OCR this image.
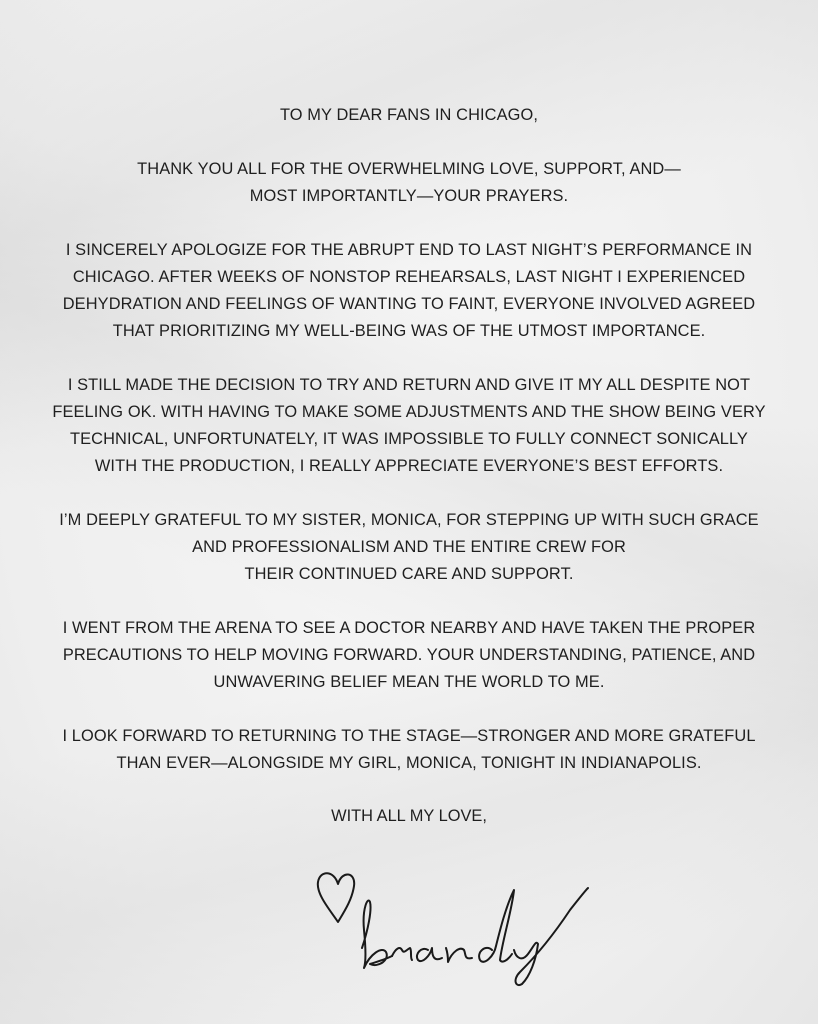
TO MY DEAR FANS IN CHICAGO,

THANK YOU ALL FOR THE OVERWHELMING LOVE, SUPPORT, AND—
MOST IMPORTANTLY—YOUR PRAYERS.

I SINCERELY APOLOGIZE FOR THE ABRUPT END TO LAST NIGHT’S PERFORMANCE IN
CHICAGO. AFTER WEEKS OF NONSTOP REHEARSALS, LAST NIGHT I EXPERIENCED
DEHYDRATION AND FEELINGS OF WANTING TO FAINT, EVERYONE INVOLVED AGREED
THAT PRIORITIZING MY WELL-BEING WAS OF THE UTMOST IMPORTANCE.

I STILL MADE THE DECISION TO TRY AND RETURN AND GIVE IT MY ALL DESPITE NOT
FEELING OK. WITH HAVING TO MAKE SOME ADJUSTMENTS AND THE SHOW BEING VERY
TECHNICAL, UNFORTUNATELY, IT WAS IMPOSSIBLE TO FULLY CONNECT SONICALLY
WITH THE PRODUCTION, I REALLY APPRECIATE EVERYONE’S BEST EFFORTS.

I’M DEEPLY GRATEFUL TO MY SISTER, MONICA, FOR STEPPING UP WITH SUCH GRACE
AND PROFESSIONALISM AND THE ENTIRE CREW FOR
THEIR CONTINUED CARE AND SUPPORT.

I WENT FROM THE ARENA TO SEE A DOCTOR NEARBY AND HAVE TAKEN THE PROPER
PRECAUTIONS TO HELP MOVING FORWARD. YOUR UNDERSTANDING, PATIENCE, AND
UNWAVERING BELIEF MEAN THE WORLD TO ME.

I LOOK FORWARD TO RETURNING TO THE STAGE—STRONGER AND MORE GRATEFUL
THAN EVER—ALONGSIDE MY GIRL, MONICA, TONIGHT IN INDIANAPOLIS.

WITH ALL MY LOVE,
